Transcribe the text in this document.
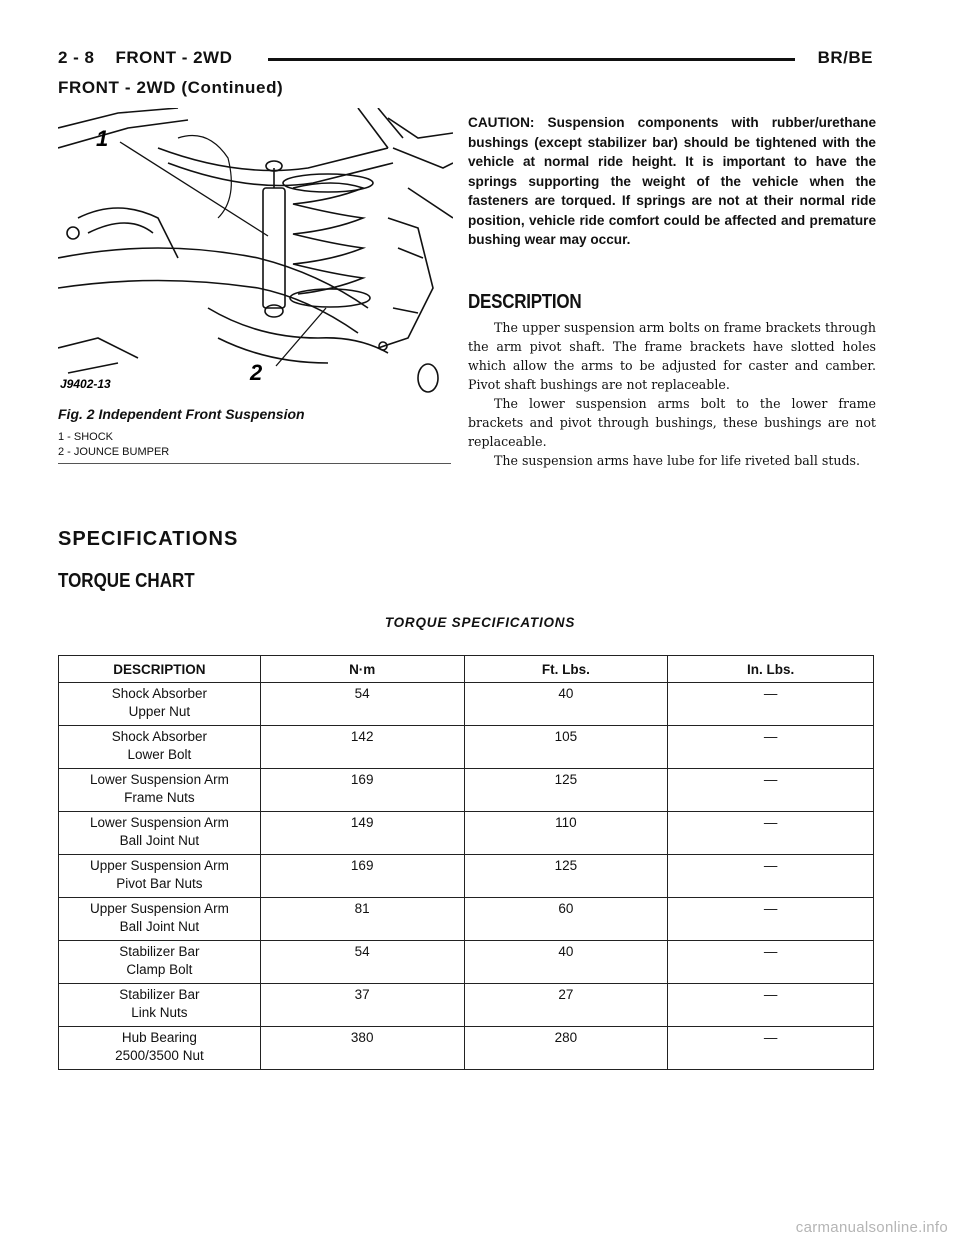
2 - 8 FRONT - 2WD	BR/BE
FRONT - 2WD (Continued)
1
2
J9402-13
Fig. 2 Independent Front Suspension
1 - SHOCK
2 - JOUNCE BUMPER
CAUTION: Suspension components with rubber/urethane bushings (except stabilizer bar) should be tightened with the vehicle at normal ride height. It is important to have the springs supporting the weight of the vehicle when the fasteners are torqued. If springs are not at their normal ride position, vehicle ride comfort could be affected and premature bushing wear may occur.
DESCRIPTION

The upper suspension arm bolts on frame brackets through the arm pivot shaft. The frame brackets have slotted holes which allow the arms to be adjusted for caster and camber. Pivot shaft bushings are not replaceable.

The lower suspension arms bolt to the lower frame brackets and pivot through bushings, these bushings are not replaceable.

The suspension arms have lube for life riveted ball studs.

SPECIFICATIONS
TORQUE CHART
TORQUE SPECIFICATIONS
DESCRIPTION	N·m	Ft. Lbs.	In. Lbs.

Shock Absorber
Upper Nut	54	40	—

Shock Absorber
Lower Bolt	142	105	—

Lower Suspension Arm
Frame Nuts	169	125	—

Lower Suspension Arm
Ball Joint Nut	149	110	—

Upper Suspension Arm
Pivot Bar Nuts	169	125	—

Upper Suspension Arm
Ball Joint Nut	81	60	—

Stabilizer Bar
Clamp Bolt	54	40	—

Stabilizer Bar
Link Nuts	37	27	—

Hub Bearing
2500/3500 Nut	380	280	—
carmanualsonline.info
